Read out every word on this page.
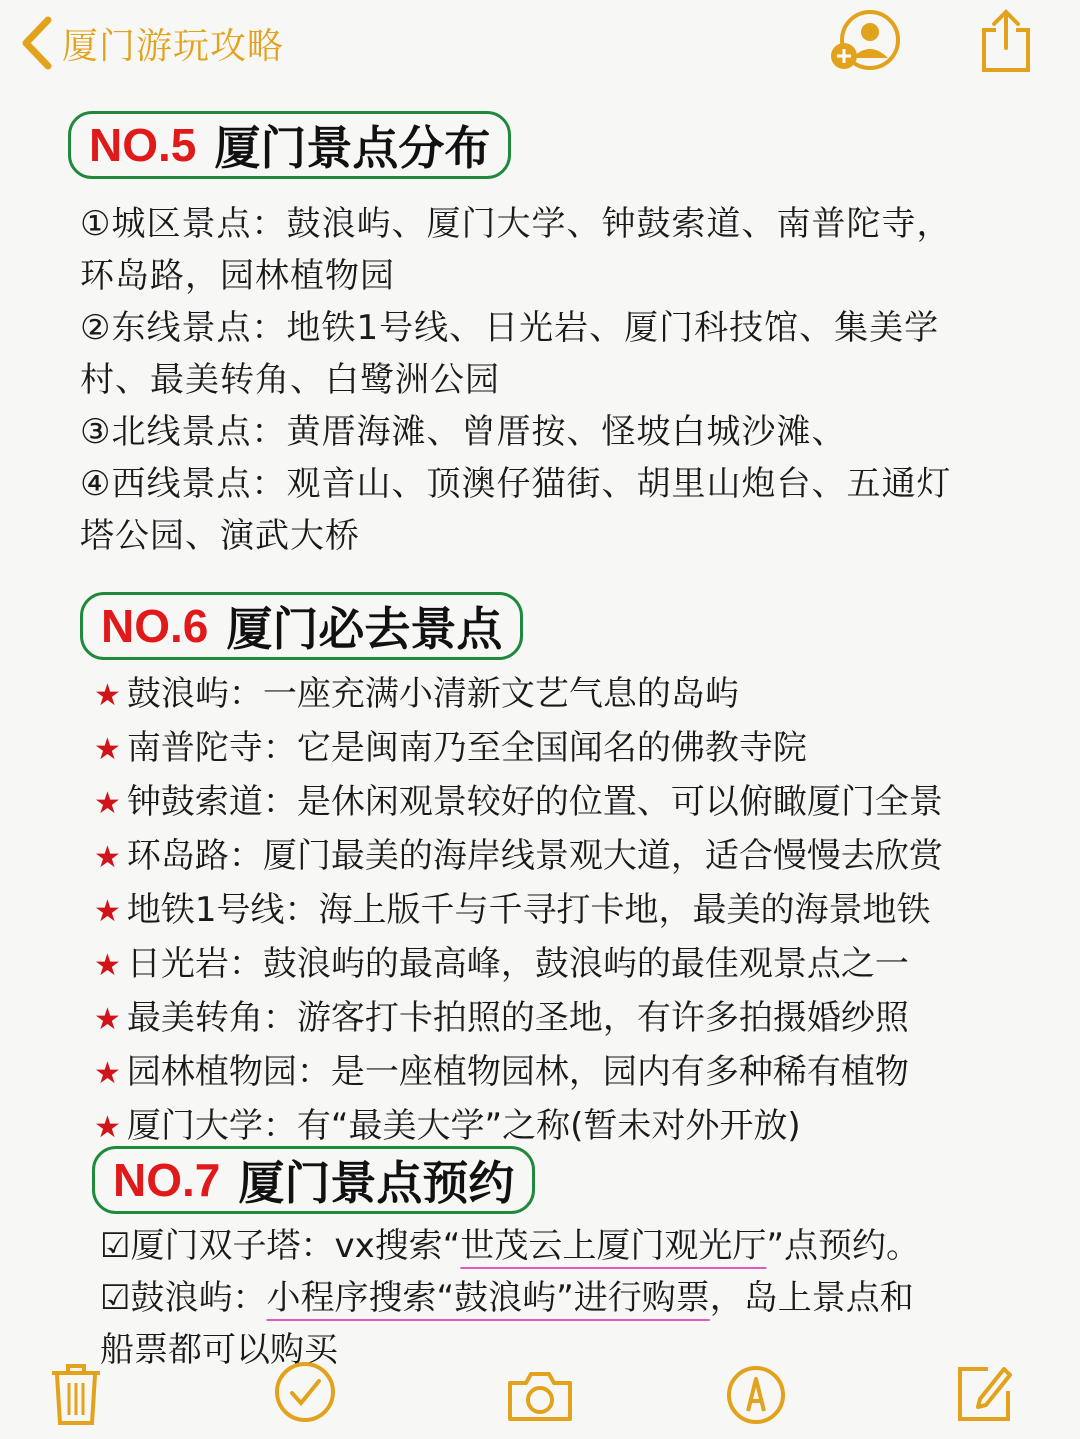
厦门游玩攻略
NO.5 厦门景点分布
①城区景点：鼓浪屿、厦门大学、钟鼓索道、南普陀寺，
环岛路，园林植物园
②东线景点：地铁1号线、日光岩、厦门科技馆、集美学
村、最美转角、白鹭洲公园
③北线景点：黄厝海滩、曾厝按、怪坡白城沙滩、
④西线景点：观音山、顶澳仔猫街、胡里山炮台、五通灯
塔公园、演武大桥
NO.6 厦门必去景点
★ 鼓浪屿：一座充满小清新文艺气息的岛屿
★ 南普陀寺：它是闽南乃至全国闻名的佛教寺院
★ 钟鼓索道：是休闲观景较好的位置、可以俯瞰厦门全景
★ 环岛路：厦门最美的海岸线景观大道，适合慢慢去欣赏
★ 地铁1号线：海上版千与千寻打卡地，最美的海景地铁
★ 日光岩：鼓浪屿的最高峰，鼓浪屿的最佳观景点之一
★ 最美转角：游客打卡拍照的圣地，有许多拍摄婚纱照
★ 园林植物园：是一座植物园林，园内有多种稀有植物
★ 厦门大学：有“最美大学”之称(暂未对外开放)
NO.7 厦门景点预约
☑厦门双子塔：vx搜索“世茂云上厦门观光厅”点预约。
☑鼓浪屿：小程序搜索“鼓浪屿”进行购票，岛上景点和
船票都可以购买
